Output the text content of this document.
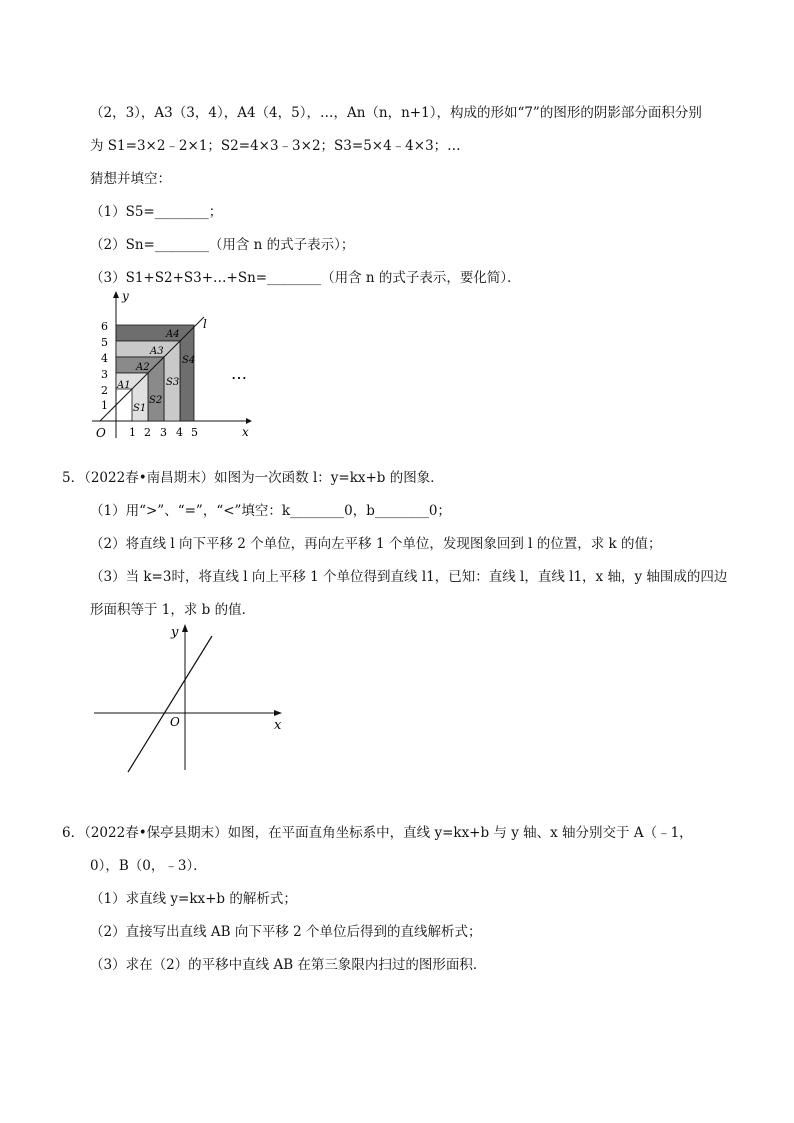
（2，3），A3（3，4），A4（4，5），…，An（n，n+1），构成的形如“7”的图形的阴影部分面积分别
为 S1=3×2﹣2×1；S2=4×3﹣3×2；S3=5×4﹣4×3；…
猜想并填空：
（1）S5=________；
（2）Sn=________（用含 n 的式子表示）；
（3）S1+S2+S3+…+Sn=________（用含 n 的式子表示，要化简）．
y
x
O
l
1
2
3
4
5
6
1 2 3 4 5
A1
A2
A3
A4
S1
S2
S3
S4
…
5．（2022春•南昌期末）如图为一次函数 l：y=kx+b 的图象．
（1）用“>”、“=”，“<”填空：k________0，b________0；
（2）将直线 l 向下平移 2 个单位，再向左平移 1 个单位，发现图象回到 l 的位置，求 k 的值；
（3）当 k=3时，将直线 l 向上平移 1 个单位得到直线 l1，已知：直线 l，直线 l1，x 轴，y 轴围成的四边
形面积等于 1，求 b 的值．
y
x
O
6．（2022春•保亭县期末）如图，在平面直角坐标系中，直线 y=kx+b 与 y 轴、x 轴分别交于 A（﹣1，
0），B（0，﹣3）．
（1）求直线 y=kx+b 的解析式；
（2）直接写出直线 AB 向下平移 2 个单位后得到的直线解析式；
（3）求在（2）的平移中直线 AB 在第三象限内扫过的图形面积．
